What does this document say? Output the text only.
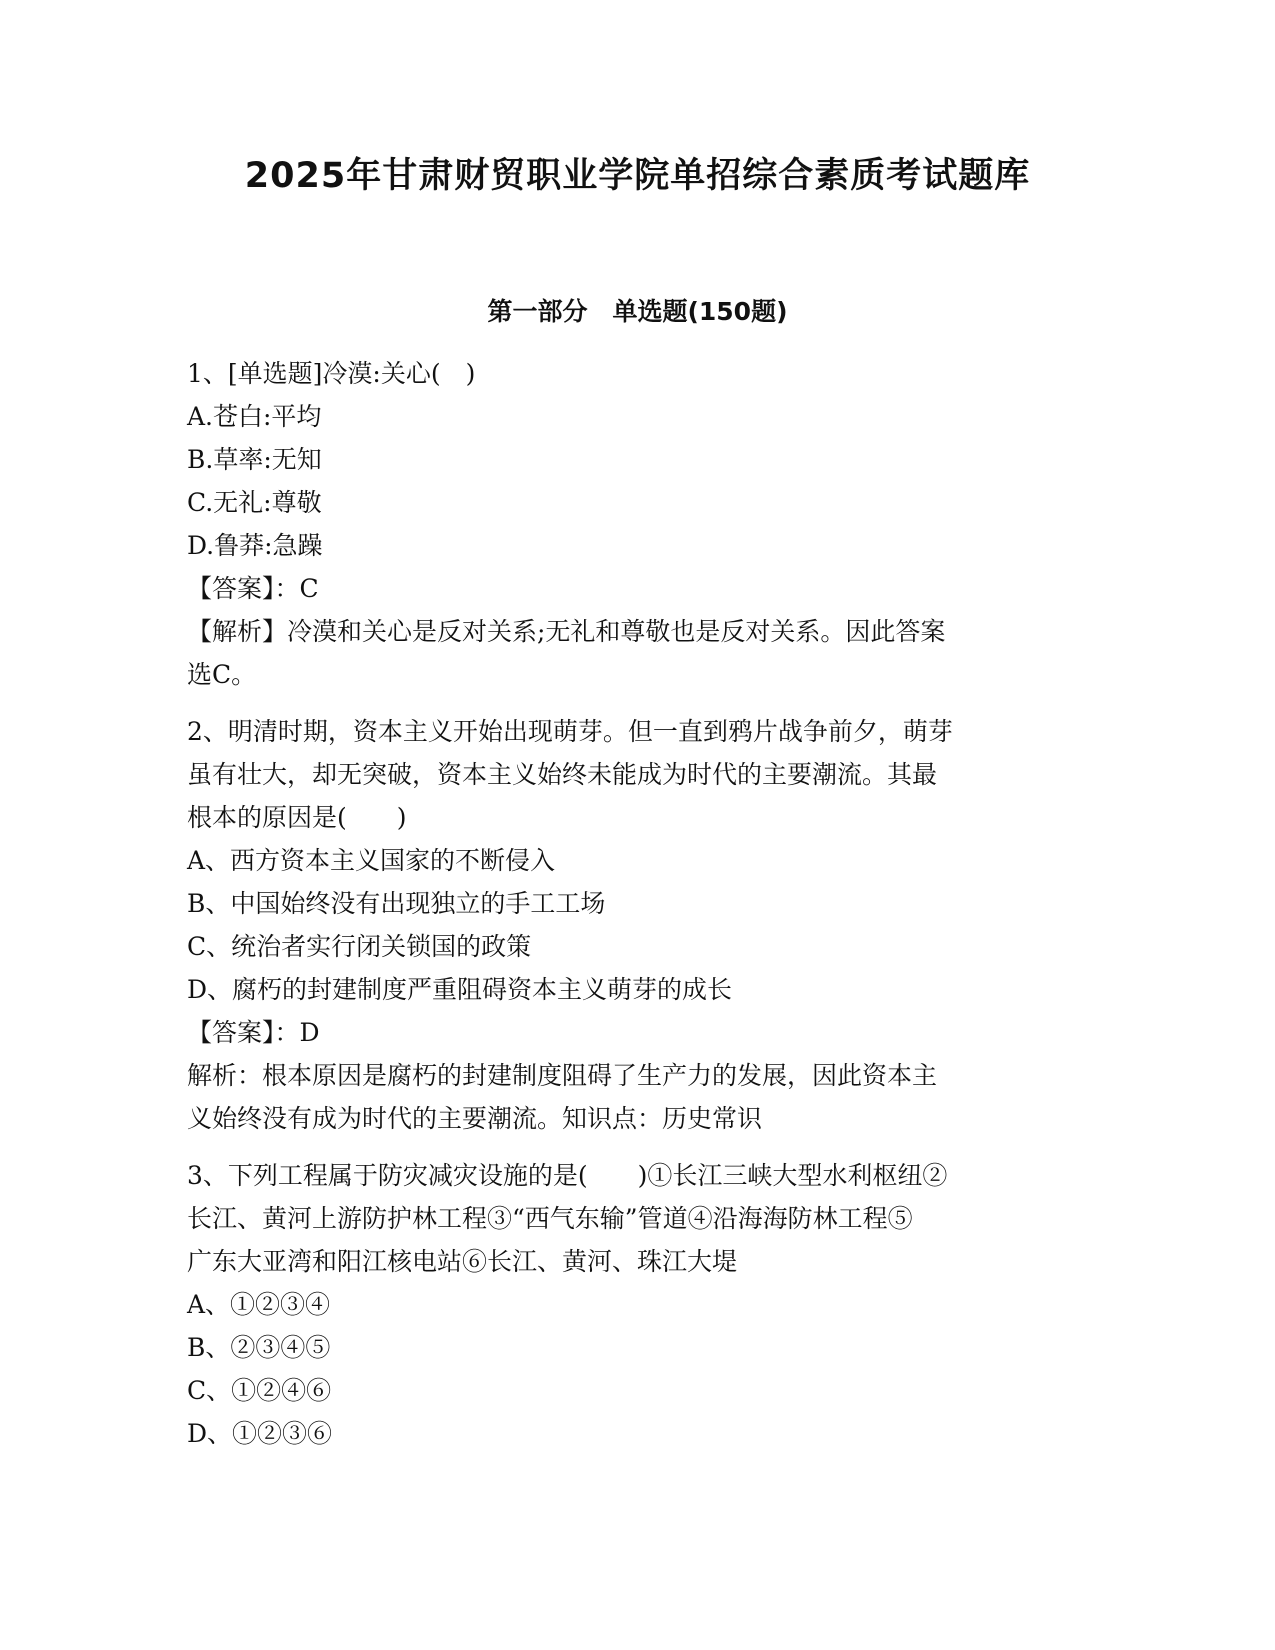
2025年甘肃财贸职业学院单招综合素质考试题库
第一部分　单选题(150题)
1、[单选题]冷漠:关心(　)
A.苍白:平均
B.草率:无知
C.无礼:尊敬
D.鲁莽:急躁
【答案】：C
【解析】冷漠和关心是反对关系;无礼和尊敬也是反对关系。因此答案
选C。
2、明清时期，资本主义开始出现萌芽。但一直到鸦片战争前夕，萌芽
虽有壮大，却无突破，资本主义始终未能成为时代的主要潮流。其最
根本的原因是(　　)
A、西方资本主义国家的不断侵入
B、中国始终没有出现独立的手工工场
C、统治者实行闭关锁国的政策
D、腐朽的封建制度严重阻碍资本主义萌芽的成长
【答案】：D
解析：根本原因是腐朽的封建制度阻碍了生产力的发展，因此资本主
义始终没有成为时代的主要潮流。知识点：历史常识
3、下列工程属于防灾减灾设施的是(　　)①长江三峡大型水利枢纽②
长江、黄河上游防护林工程③“西气东输”管道④沿海海防林工程⑤
广东大亚湾和阳江核电站⑥长江、黄河、珠江大堤
A、①②③④
B、②③④⑤
C、①②④⑥
D、①②③⑥
